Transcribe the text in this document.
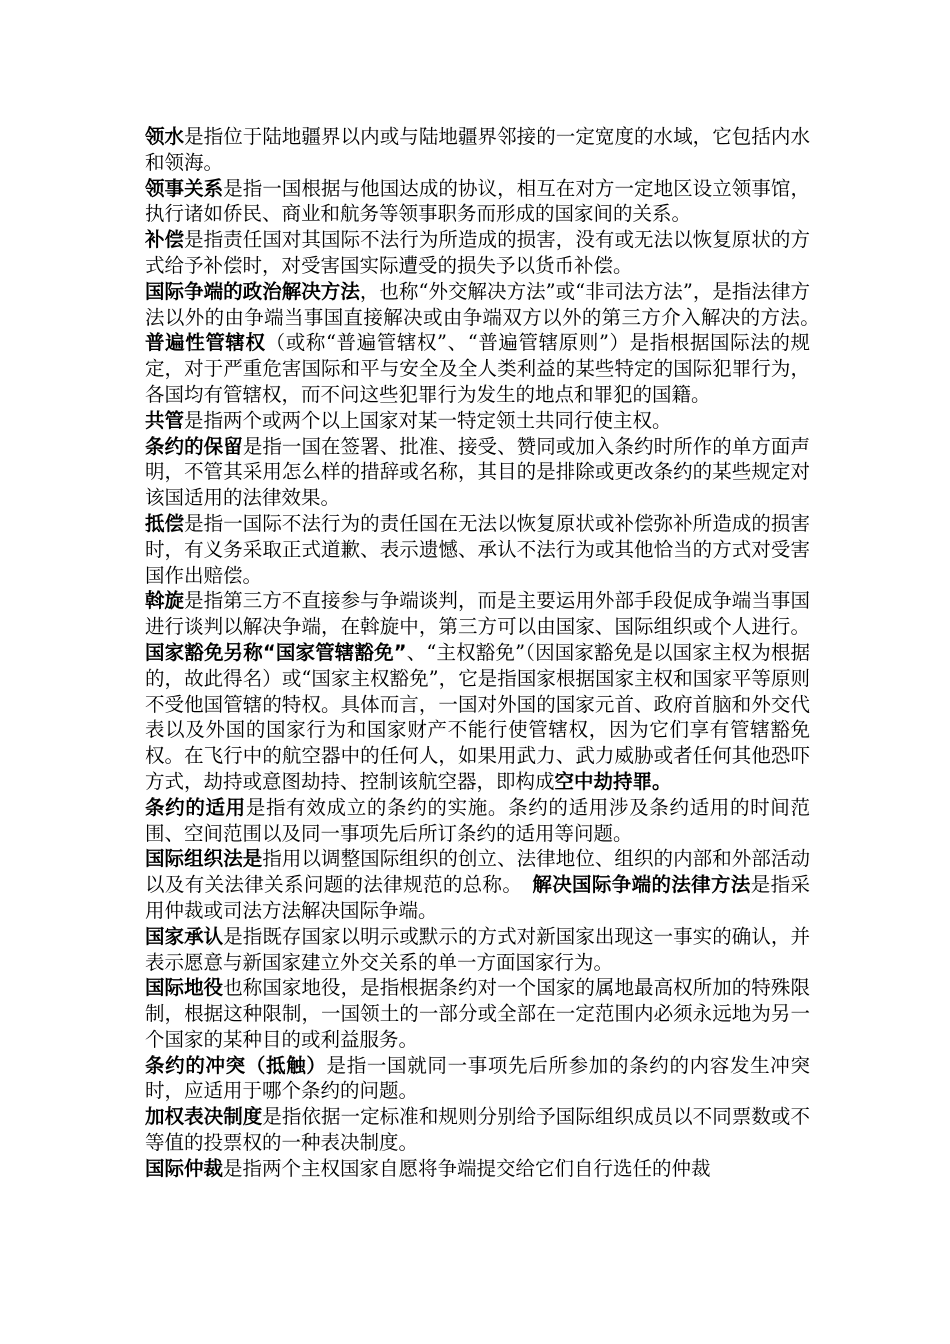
领水是指位于陆地疆界以内或与陆地疆界邻接的一定宽度的水域，它包括内水和领海。

领事关系是指一国根据与他国达成的协议，相互在对方一定地区设立领事馆，执行诸如侨民、商业和航务等领事职务而形成的国家间的关系。

补偿是指责任国对其国际不法行为所造成的损害，没有或无法以恢复原状的方式给予补偿时，对受害国实际遭受的损失予以货币补偿。

国际争端的政治解决方法，也称“外交解决方法”或“非司法方法”，是指法律方法以外的由争端当事国直接解决或由争端双方以外的第三方介入解决的方法。　普遍性管辖权（或称“普遍管辖权”、“普遍管辖原则”）是指根据国际法的规定，对于严重危害国际和平与安全及全人类利益的某些特定的国际犯罪行为，各国均有管辖权，而不问这些犯罪行为发生的地点和罪犯的国籍。

共管是指两个或两个以上国家对某一特定领土共同行使主权。

条约的保留是指一国在签署、批准、接受、赞同或加入条约时所作的单方面声明，不管其采用怎么样的措辞或名称，其目的是排除或更改条约的某些规定对该国适用的法律效果。

抵偿是指一国际不法行为的责任国在无法以恢复原状或补偿弥补所造成的损害时，有义务采取正式道歉、表示遗憾、承认不法行为或其他恰当的方式对受害国作出赔偿。

斡旋是指第三方不直接参与争端谈判，而是主要运用外部手段促成争端当事国进行谈判以解决争端，在斡旋中，第三方可以由国家、国际组织或个人进行。国家豁免另称“国家管辖豁免”、“主权豁免”（因国家豁免是以国家主权为根据的，故此得名）或“国家主权豁免”，它是指国家根据国家主权和国家平等原则不受他国管辖的特权。具体而言，一国对外国的国家元首、政府首脑和外交代表以及外国的国家行为和国家财产不能行使管辖权，因为它们享有管辖豁免权。在飞行中的航空器中的任何人，如果用武力、武力威胁或者任何其他恐吓方式，劫持或意图劫持、控制该航空器，即构成空中劫持罪。

条约的适用是指有效成立的条约的实施。条约的适用涉及条约适用的时间范围、空间范围以及同一事项先后所订条约的适用等问题。

国际组织法是指用以调整国际组织的创立、法律地位、组织的内部和外部活动以及有关法律关系问题的法律规范的总称。　解决国际争端的法律方法是指采用仲裁或司法方法解决国际争端。

国家承认是指既存国家以明示或默示的方式对新国家出现这一事实的确认，并表示愿意与新国家建立外交关系的单一方面国家行为。

国际地役也称国家地役，是指根据条约对一个国家的属地最高权所加的特殊限制，根据这种限制，一国领土的一部分或全部在一定范围内必须永远地为另一个国家的某种目的或利益服务。

条约的冲突（抵触）是指一国就同一事项先后所参加的条约的内容发生冲突时，应适用于哪个条约的问题。

加权表决制度是指依据一定标准和规则分别给予国际组织成员以不同票数或不等值的投票权的一种表决制度。

国际仲裁是指两个主权国家自愿将争端提交给它们自行选任的仲裁
